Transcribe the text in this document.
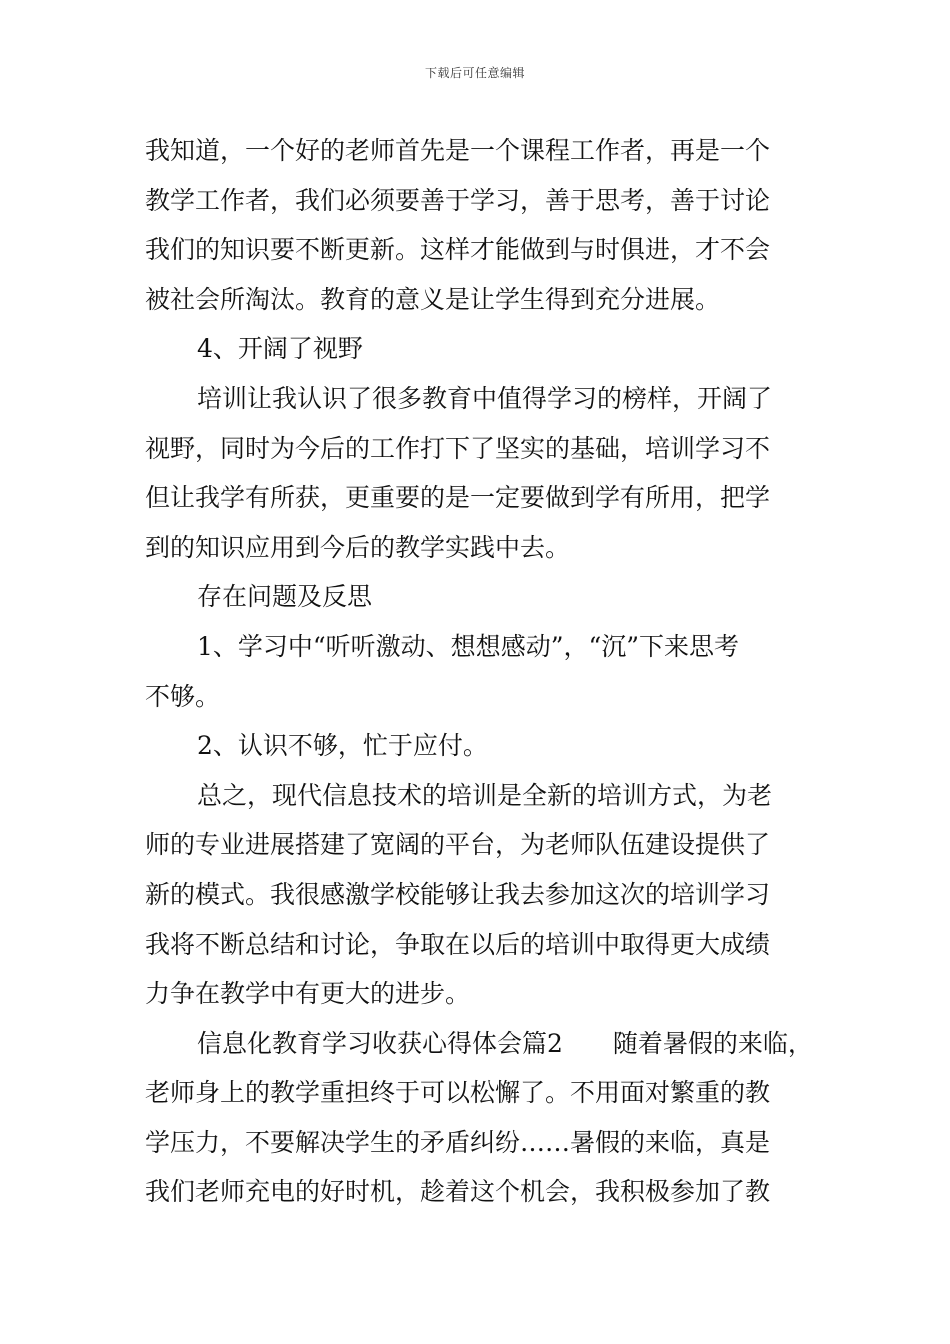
下载后可任意编辑
我知道，一个好的老师首先是一个课程工作者，再是一个
教学工作者，我们必须要善于学习，善于思考，善于讨论
我们的知识要不断更新。这样才能做到与时俱进，才不会
被社会所淘汰。教育的意义是让学生得到充分进展。
4、开阔了视野
培训让我认识了很多教育中值得学习的榜样，开阔了
视野，同时为今后的工作打下了坚实的基础，培训学习不
但让我学有所获，更重要的是一定要做到学有所用，把学
到的知识应用到今后的教学实践中去。
存在问题及反思
1、学习中“听听激动、想想感动”，“沉”下来思考
不够。
2、认识不够，忙于应付。
总之，现代信息技术的培训是全新的培训方式，为老
师的专业进展搭建了宽阔的平台，为老师队伍建设提供了
新的模式。我很感激学校能够让我去参加这次的培训学习
我将不断总结和讨论，争取在以后的培训中取得更大成绩
力争在教学中有更大的进步。
信息化教育学习收获心得体会篇2　　随着暑假的来临，
老师身上的教学重担终于可以松懈了。不用面对繁重的教
学压力，不要解决学生的矛盾纠纷……暑假的来临，真是
我们老师充电的好时机，趁着这个机会，我积极参加了教
